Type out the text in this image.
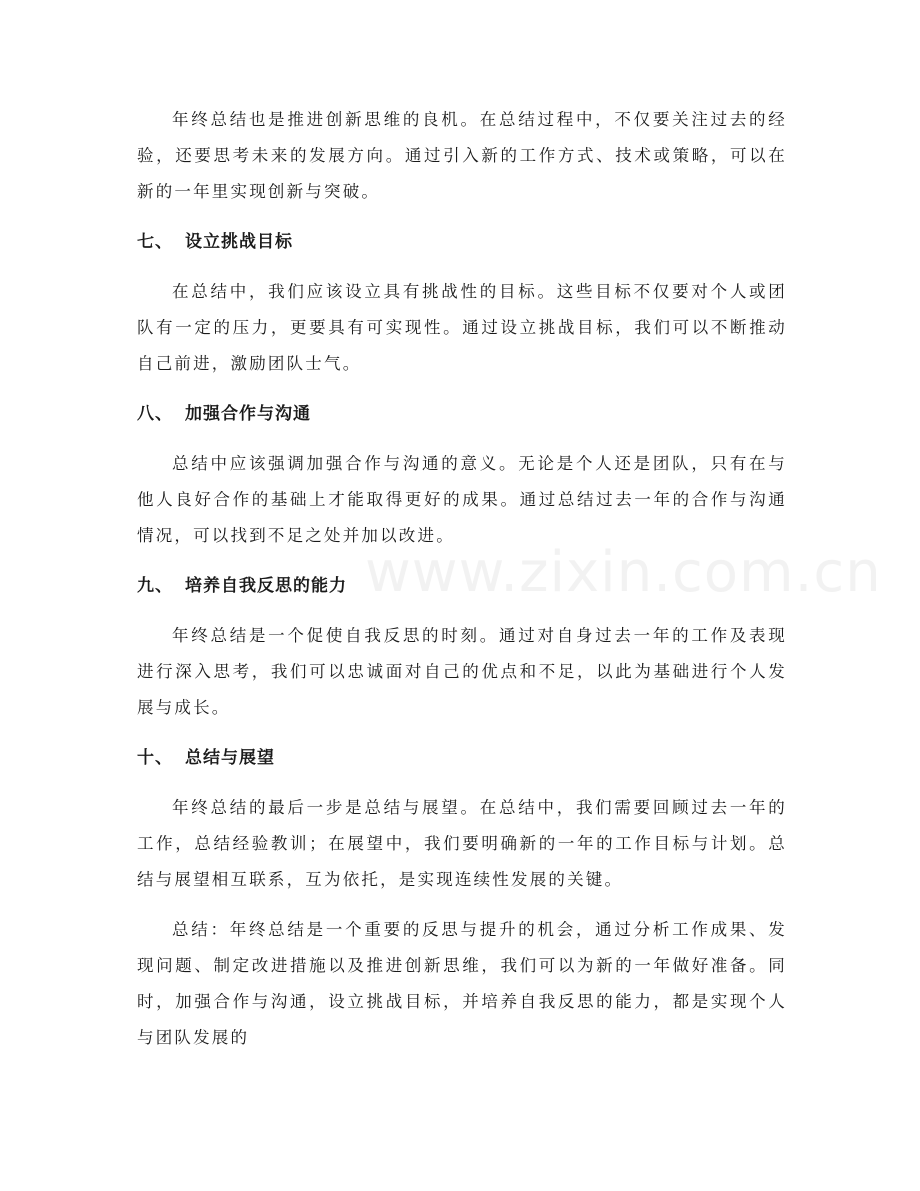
www.zixin.com.cn

年终总结也是推进创新思维的良机。在总结过程中，不仅要关注过去的经验，还要思考未来的发展方向。通过引入新的工作方式、技术或策略，可以在新的一年里实现创新与突破。

七、 设立挑战目标

在总结中，我们应该设立具有挑战性的目标。这些目标不仅要对个人或团队有一定的压力，更要具有可实现性。通过设立挑战目标，我们可以不断推动自己前进，激励团队士气。

八、 加强合作与沟通

总结中应该强调加强合作与沟通的意义。无论是个人还是团队，只有在与他人良好合作的基础上才能取得更好的成果。通过总结过去一年的合作与沟通情况，可以找到不足之处并加以改进。

九、 培养自我反思的能力

年终总结是一个促使自我反思的时刻。通过对自身过去一年的工作及表现进行深入思考，我们可以忠诚面对自己的优点和不足，以此为基础进行个人发展与成长。

十、 总结与展望

年终总结的最后一步是总结与展望。在总结中，我们需要回顾过去一年的工作，总结经验教训；在展望中，我们要明确新的一年的工作目标与计划。总结与展望相互联系，互为依托，是实现连续性发展的关键。

总结：年终总结是一个重要的反思与提升的机会，通过分析工作成果、发现问题、制定改进措施以及推进创新思维，我们可以为新的一年做好准备。同时，加强合作与沟通，设立挑战目标，并培养自我反思的能力，都是实现个人与团队发展的
